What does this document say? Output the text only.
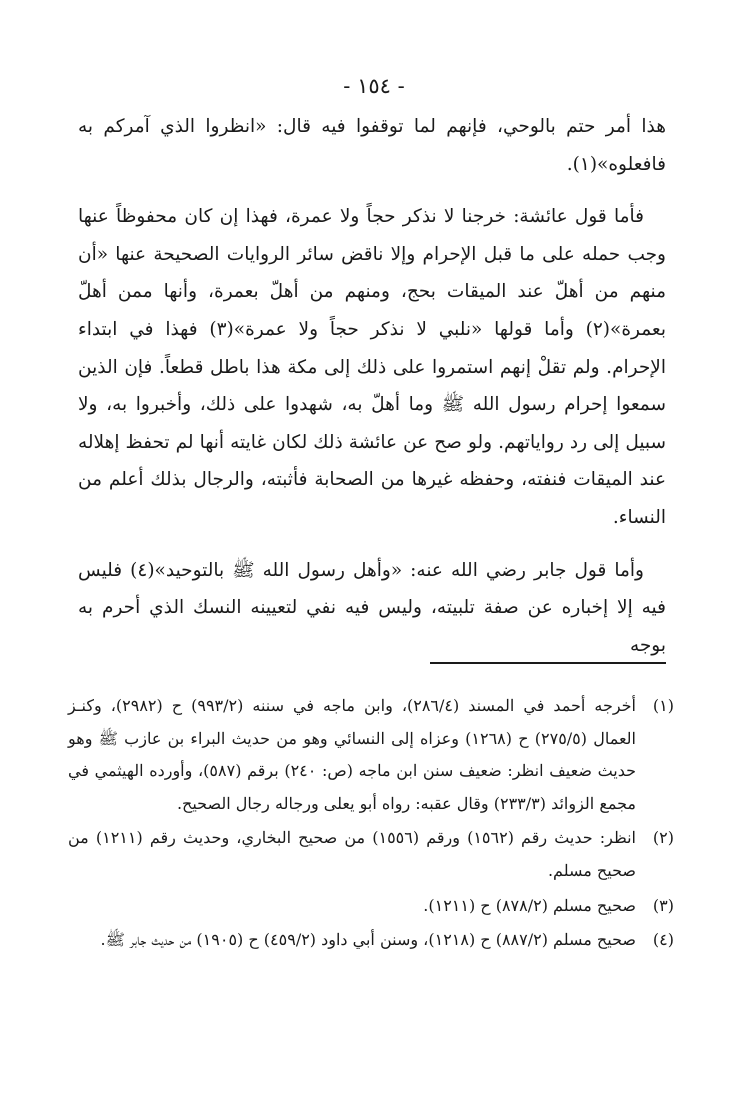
- ١٥٤ -

هذا أمر حتم بالوحي، فإنهم لما توقفوا فيه قال: «انظروا الذي آمركم به فافعلوه»(١).

فأما قول عائشة: خرجنا لا نذكر حجاً ولا عمرة، فهذا إن كان محفوظاً عنها وجب حمله على ما قبل الإحرام وإلا ناقض سائر الروايات الصحيحة عنها «أن منهم من أهلّ عند الميقات بحج، ومنهم من أهلّ بعمرة، وأنها ممن أهلّ بعمرة»(٢) وأما قولها «نلبي لا نذكر حجاً ولا عمرة»(٣) فهذا في ابتداء الإحرام. ولم تقلْ إنهم استمروا على ذلك إلى مكة هذا باطل قطعاً. فإن الذين سمعوا إحرام رسول الله ﷺ وما أهلّ به، شهدوا على ذلك، وأخبروا به، ولا سبيل إلى رد رواياتهم. ولو صح عن عائشة ذلك لكان غايته أنها لم تحفظ إهلاله عند الميقات فنفته، وحفظه غيرها من الصحابة فأثبته، والرجال بذلك أعلم من النساء.

وأما قول جابر رضي الله عنه: «وأهل رسول الله ﷺ بالتوحيد»(٤) فليس فيه إلا إخباره عن صفة تلبيته، وليس فيه نفي لتعيينه النسك الذي أحرم به بوجه

(١)
أخرجه أحمد في المسند (٢٨٦/٤)، وابن ماجه في سننه (٩٩٣/٢) ح (٢٩٨٢)، وكنـز العمال (٢٧٥/٥) ح (١٢٦٨) وعزاه إلى النسائي وهو من حديث البراء بن عازب ﷺ وهو حديث ضعيف انظر: ضعيف سنن ابن ماجه (ص: ٢٤٠) برقم (٥٨٧)، وأورده الهيثمي في مجمع الزوائد (٢٣٣/٣) وقال عقبه: رواه أبو يعلى ورجاله رجال الصحيح.
(٢)
انظر: حديث رقم (١٥٦٢) ورقم (١٥٥٦) من صحيح البخاري، وحديث رقم (١٢١١) من صحيح مسلم.
(٣)
صحيح مسلم (٨٧٨/٢) ح (١٢١١).
(٤)
صحيح مسلم (٨٨٧/٢) ح (١٢١٨)، وسنن أبي داود (٤٥٩/٢) ح (١٩٠٥) من حديث جابر ﷺ.
